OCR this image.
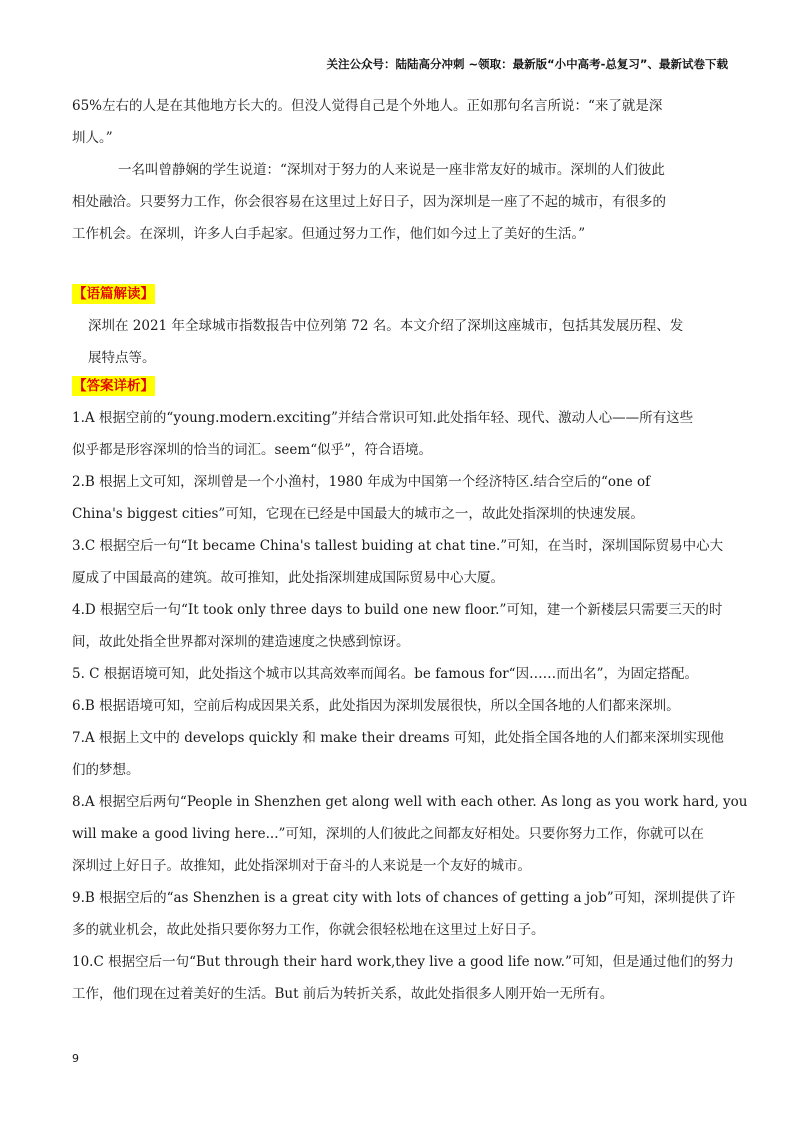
关注公众号：陆陆高分冲刺 ~领取：最新版“小中高考-总复习”、最新试卷下载
65%左右的人是在其他地方长大的。但没人觉得自己是个外地人。正如那句名言所说：“来了就是深
圳人。”
一名叫曾静娴的学生说道：“深圳对于努力的人来说是一座非常友好的城市。深圳的人们彼此
相处融洽。只要努力工作，你会很容易在这里过上好日子，因为深圳是一座了不起的城市，有很多的
工作机会。在深圳，许多人白手起家。但通过努力工作，他们如今过上了美好的生活。”
【语篇解读】
深圳在 2021 年全球城市指数报告中位列第 72 名。本文介绍了深圳这座城市，包括其发展历程、发
展特点等。
【答案详析】
1.A 根据空前的“young.modern.exciting”并结合常识可知.此处指年轻、现代、激动人心——所有这些
似乎都是形容深圳的恰当的词汇。seem“似乎”，符合语境。
2.B 根据上文可知，深圳曾是一个小渔村，1980 年成为中国第一个经济特区.结合空后的“one of
China's biggest cities”可知，它现在已经是中国最大的城市之一，故此处指深圳的快速发展。
3.C 根据空后一句“It became China's tallest buiding at chat tine.”可知，在当时，深圳国际贸易中心大
厦成了中国最高的建筑。故可推知，此处指深圳建成国际贸易中心大厦。
4.D 根据空后一句“It took only three days to build one new floor.”可知，建一个新楼层只需要三天的时
间，故此处指全世界都对深圳的建造速度之快感到惊讶。
5. C 根据语境可知，此处指这个城市以其高效率而闻名。be famous for“因……而出名”，为固定搭配。
6.B 根据语境可知，空前后构成因果关系，此处指因为深圳发展很快，所以全国各地的人们都来深圳。
7.A 根据上文中的 develops quickly 和 make their dreams 可知，此处指全国各地的人们都来深圳实现他
们的梦想。
8.A 根据空后两句“People in Shenzhen get along well with each other. As long as you work hard, you
will make a good living here...”可知，深圳的人们彼此之间都友好相处。只要你努力工作，你就可以在
深圳过上好日子。故推知，此处指深圳对于奋斗的人来说是一个友好的城市。
9.B 根据空后的“as Shenzhen is a great city with lots of chances of getting a job”可知，深圳提供了许
多的就业机会，故此处指只要你努力工作，你就会很轻松地在这里过上好日子。
10.C 根据空后一句“But through their hard work,they live a good life now.”可知，但是通过他们的努力
工作，他们现在过着美好的生活。But 前后为转折关系，故此处指很多人刚开始一无所有。
9
